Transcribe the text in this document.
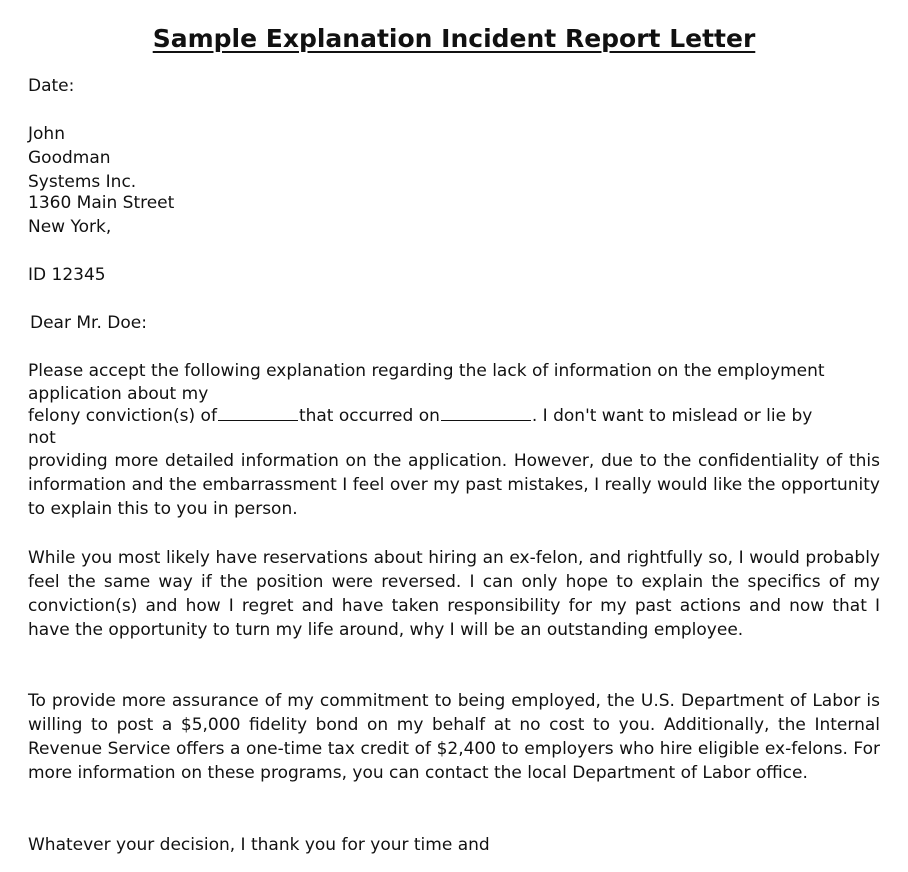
Sample Explanation Incident Report Letter

Date:

John
Goodman
Systems Inc.
1360 Main Street
New York,

ID 12345

Dear Mr. Doe:

Please accept the following explanation regarding the lack of information on the employment
application about my
felony conviction(s) of	that occurred on	. I don't want to mislead or lie by
not
providing more detailed information on the application. However, due to the confidentiality of this information and the embarrassment I feel over my past mistakes, I really would like the opportunity to explain this to you in person.

While you most likely have reservations about hiring an ex-felon, and rightfully so, I would probably feel the same way if the position were reversed. I can only hope to explain the specifics of my conviction(s) and how I regret and have taken responsibility for my past actions and now that I have the opportunity to turn my life around, why I will be an outstanding employee.

To provide more assurance of my commitment to being employed, the U.S. Department of Labor is willing to post a $5,000 fidelity bond on my behalf at no cost to you. Additionally, the Internal Revenue Service offers a one-time tax credit of $2,400 to employers who hire eligible ex-felons. For more information on these programs, you can contact the local Department of Labor office.

Whatever your decision, I thank you for your time and
